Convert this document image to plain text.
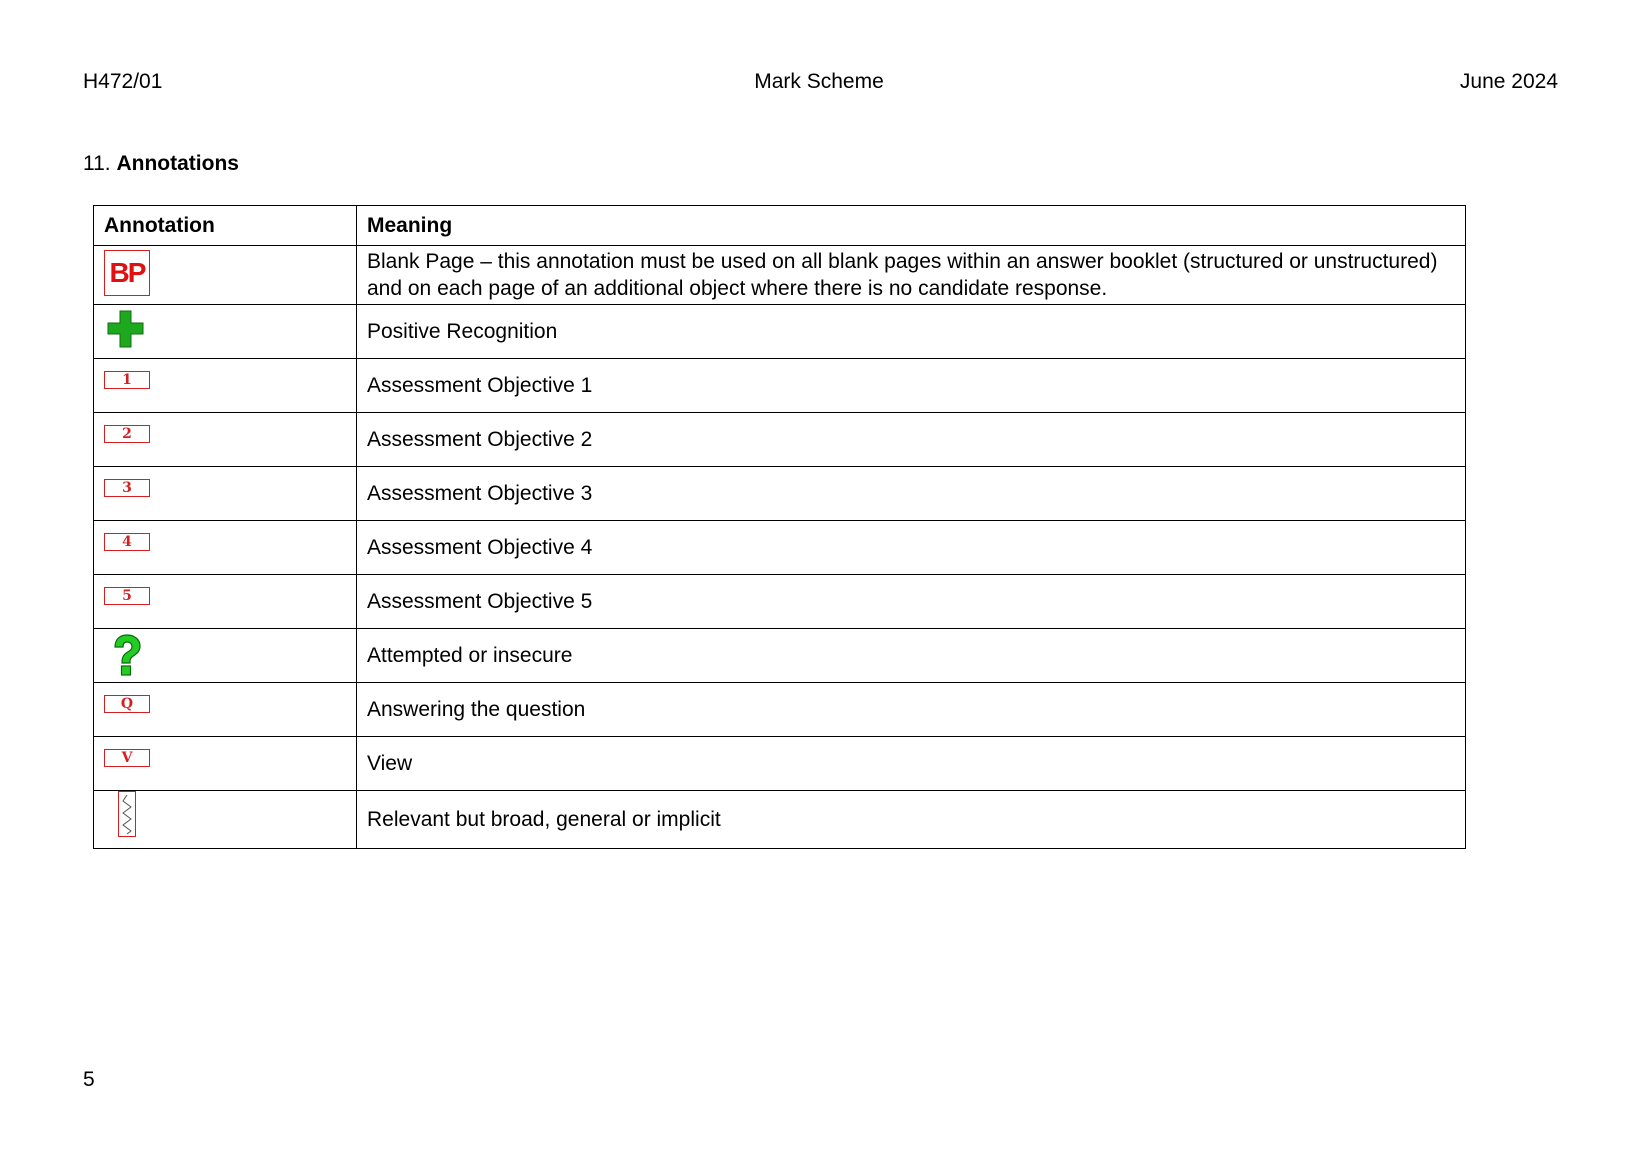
H472/01	Mark Scheme	June 2024
11. Annotations
Annotation	Meaning
BP	Blank Page – this annotation must be used on all blank pages within an answer booklet (structured or unstructured) and on each page of an additional object where there is no candidate response.

	Positive Recognition
1	Assessment Objective 1
2	Assessment Objective 2
3	Assessment Objective 3
4	Assessment Objective 4
5	Assessment Objective 5

	Attempted or insecure
Q	Answering the question
V	View

	Relevant but broad, general or implicit
5
